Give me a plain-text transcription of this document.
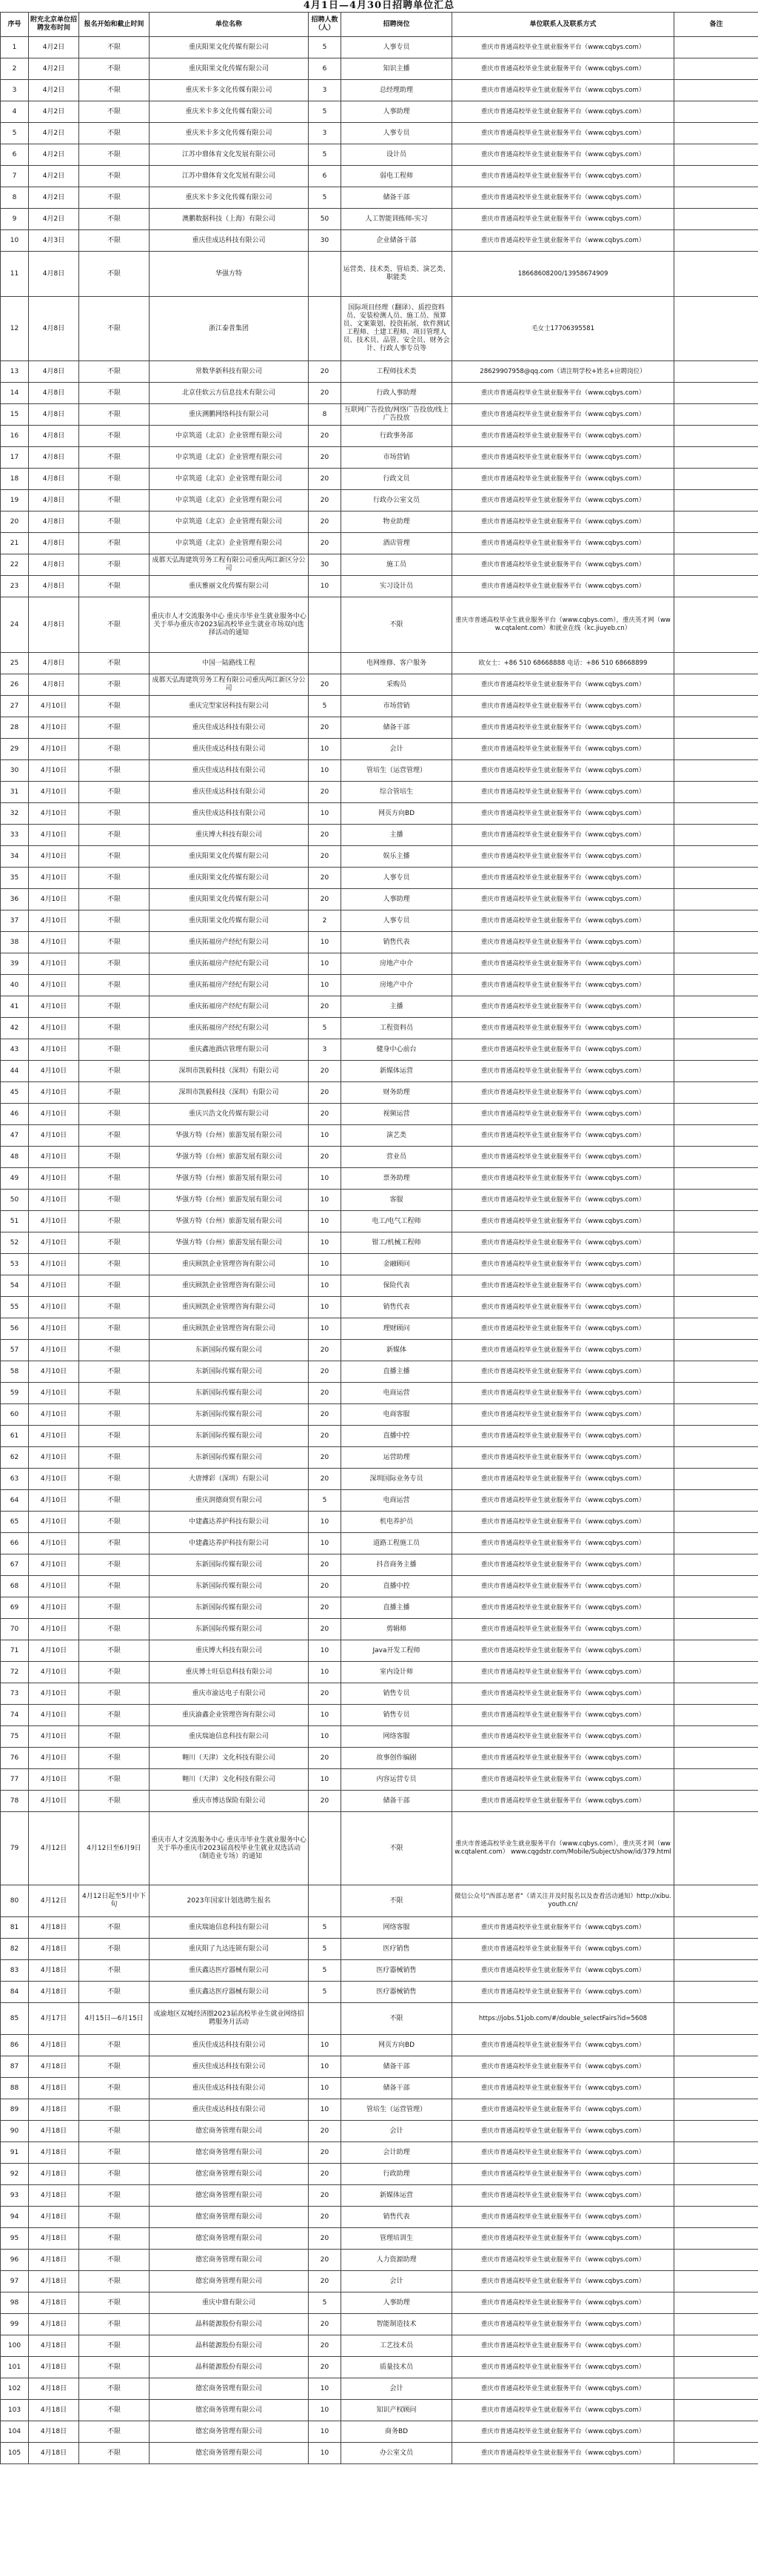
4月1日—4月30日招聘单位汇总
序号	附充北京单位招聘发布时间	报名开始和截止时间	单位名称	招聘人数（人）	招聘岗位	单位联系人及联系方式	备注
1	4月2日	不限	重庆阳果文化传媒有限公司	5	人事专员	重庆市普通高校毕业生就业服务平台（www.cqbys.com）	
2	4月2日	不限	重庆阳果文化传媒有限公司	6	知识主播	重庆市普通高校毕业生就业服务平台（www.cqbys.com）	
3	4月2日	不限	重庆米卡多文化传媒有限公司	3	总经理助理	重庆市普通高校毕业生就业服务平台（www.cqbys.com）	
4	4月2日	不限	重庆米卡多文化传媒有限公司	5	人事助理	重庆市普通高校毕业生就业服务平台（www.cqbys.com）	
5	4月2日	不限	重庆米卡多文化传媒有限公司	3	人事专员	重庆市普通高校毕业生就业服务平台（www.cqbys.com）	
6	4月2日	不限	江苏中鼎体育文化发展有限公司	5	设计员	重庆市普通高校毕业生就业服务平台（www.cqbys.com）	
7	4月2日	不限	江苏中鼎体育文化发展有限公司	6	弱电工程师	重庆市普通高校毕业生就业服务平台（www.cqbys.com）	
8	4月2日	不限	重庆米卡多文化传媒有限公司	5	储备干部	重庆市普通高校毕业生就业服务平台（www.cqbys.com）	
9	4月2日	不限	澳鹏数据科技（上海）有限公司	50	人工智能训练师-实习	重庆市普通高校毕业生就业服务平台（www.cqbys.com）	
10	4月3日	不限	重庆佳成达科技有限公司	30	企业储备干部	重庆市普通高校毕业生就业服务平台（www.cqbys.com）	
11	4月8日	不限	华强方特		运营类、技术类、管培类、演艺类、职能类	18668608200/13958674909	
12	4月8日	不限	浙江泰普集团		国际项目经理（翻译）、质控资料员、安装检测人员、施工员、预算员、文案策划、投资拓展、软件测试工程师、土建工程师、项目管理人员、技术员、品管、安全员、财务会计、行政人事专员等	毛女士17706395581	
13	4月8日	不限	常数华新科技有限公司	20	工程师技术类	28629907958@qq.com（请注明学校+姓名+应聘岗位）	
14	4月8日	不限	北京佳软云方信息技术有限公司	20	行政人事助理	重庆市普通高校毕业生就业服务平台（www.cqbys.com）	
15	4月8日	不限	重庆溯鹏网络科技有限公司	8	互联网广告投放/网络广告投放/线上广告投放	重庆市普通高校毕业生就业服务平台（www.cqbys.com）	
16	4月8日	不限	中京筑道（北京）企业管理有限公司	20	行政事务部	重庆市普通高校毕业生就业服务平台（www.cqbys.com）	
17	4月8日	不限	中京筑道（北京）企业管理有限公司	20	市场营销	重庆市普通高校毕业生就业服务平台（www.cqbys.com）	
18	4月8日	不限	中京筑道（北京）企业管理有限公司	20	行政文员	重庆市普通高校毕业生就业服务平台（www.cqbys.com）	
19	4月8日	不限	中京筑道（北京）企业管理有限公司	20	行政办公室文员	重庆市普通高校毕业生就业服务平台（www.cqbys.com）	
20	4月8日	不限	中京筑道（北京）企业管理有限公司	20	物业助理	重庆市普通高校毕业生就业服务平台（www.cqbys.com）	
21	4月8日	不限	中京筑道（北京）企业管理有限公司	20	酒店管理	重庆市普通高校毕业生就业服务平台（www.cqbys.com）	
22	4月8日	不限	成都天弘海建筑劳务工程有限公司重庆两江新区分公司	30	施工员	重庆市普通高校毕业生就业服务平台（www.cqbys.com）	
23	4月8日	不限	重庆雅丽文化传媒有限公司	10	实习设计员	重庆市普通高校毕业生就业服务平台（www.cqbys.com）	
24	4月8日	不限	重庆市人才交流服务中心 重庆市毕业生就业服务中心 关于举办重庆市2023届高校毕业生就业市场双向选择活动的通知		不限	重庆市普通高校毕业生就业服务平台（www.cqbys.com），重庆英才网（www.cqtalent.com）和就业在线（kc.jiuyeb.cn）	
25	4月8日	不限	中国一陆路线工程		电网维修、客户服务	欧女士：+86 510 68668888 电话：+86 510 68668899	
26	4月8日	不限	成都天弘海建筑劳务工程有限公司重庆两江新区分公司	20	采购员	重庆市普通高校毕业生就业服务平台（www.cqbys.com）	
27	4月10日	不限	重庆完型家居科技有限公司	5	市场营销	重庆市普通高校毕业生就业服务平台（www.cqbys.com）	
28	4月10日	不限	重庆佳成达科技有限公司	20	储备干部	重庆市普通高校毕业生就业服务平台（www.cqbys.com）	
29	4月10日	不限	重庆佳成达科技有限公司	10	会计	重庆市普通高校毕业生就业服务平台（www.cqbys.com）	
30	4月10日	不限	重庆佳成达科技有限公司	10	管培生（运营管理）	重庆市普通高校毕业生就业服务平台（www.cqbys.com）	
31	4月10日	不限	重庆佳成达科技有限公司	20	综合管培生	重庆市普通高校毕业生就业服务平台（www.cqbys.com）	
32	4月10日	不限	重庆佳成达科技有限公司	10	网页方向BD	重庆市普通高校毕业生就业服务平台（www.cqbys.com）	
33	4月10日	不限	重庆博大科技有限公司	20	主播	重庆市普通高校毕业生就业服务平台（www.cqbys.com）	
34	4月10日	不限	重庆阳果文化传媒有限公司	20	娱乐主播	重庆市普通高校毕业生就业服务平台（www.cqbys.com）	
35	4月10日	不限	重庆阳果文化传媒有限公司	20	人事专员	重庆市普通高校毕业生就业服务平台（www.cqbys.com）	
36	4月10日	不限	重庆阳果文化传媒有限公司	20	人事助理	重庆市普通高校毕业生就业服务平台（www.cqbys.com）	
37	4月10日	不限	重庆阳果文化传媒有限公司	2	人事专员	重庆市普通高校毕业生就业服务平台（www.cqbys.com）	
38	4月10日	不限	重庆拓福房产经纪有限公司	10	销售代表	重庆市普通高校毕业生就业服务平台（www.cqbys.com）	
39	4月10日	不限	重庆拓福房产经纪有限公司	10	房地产中介	重庆市普通高校毕业生就业服务平台（www.cqbys.com）	
40	4月10日	不限	重庆拓福房产经纪有限公司	10	房地产中介	重庆市普通高校毕业生就业服务平台（www.cqbys.com）	
41	4月10日	不限	重庆拓福房产经纪有限公司	20	主播	重庆市普通高校毕业生就业服务平台（www.cqbys.com）	
42	4月10日	不限	重庆拓福房产经纪有限公司	5	工程资料员	重庆市普通高校毕业生就业服务平台（www.cqbys.com）	
43	4月10日	不限	重庆鑫池酒店管理有限公司	3	健身中心前台	重庆市普通高校毕业生就业服务平台（www.cqbys.com）	
44	4月10日	不限	深圳市凯毅科技（深圳）有限公司	20	新媒体运营	重庆市普通高校毕业生就业服务平台（www.cqbys.com）	
45	4月10日	不限	深圳市凯毅科技（深圳）有限公司	20	财务助理	重庆市普通高校毕业生就业服务平台（www.cqbys.com）	
46	4月10日	不限	重庆兴浩文化传媒有限公司	20	视频运营	重庆市普通高校毕业生就业服务平台（www.cqbys.com）	
47	4月10日	不限	华强方特（台州）旅游发展有限公司	10	演艺类	重庆市普通高校毕业生就业服务平台（www.cqbys.com）	
48	4月10日	不限	华强方特（台州）旅游发展有限公司	20	营业员	重庆市普通高校毕业生就业服务平台（www.cqbys.com）	
49	4月10日	不限	华强方特（台州）旅游发展有限公司	10	票务助理	重庆市普通高校毕业生就业服务平台（www.cqbys.com）	
50	4月10日	不限	华强方特（台州）旅游发展有限公司	10	客服	重庆市普通高校毕业生就业服务平台（www.cqbys.com）	
51	4月10日	不限	华强方特（台州）旅游发展有限公司	10	电工/电气工程师	重庆市普通高校毕业生就业服务平台（www.cqbys.com）	
52	4月10日	不限	华强方特（台州）旅游发展有限公司	10	钳工/机械工程师	重庆市普通高校毕业生就业服务平台（www.cqbys.com）	
53	4月10日	不限	重庆顾凯企业管理咨询有限公司	10	金融顾问	重庆市普通高校毕业生就业服务平台（www.cqbys.com）	
54	4月10日	不限	重庆顾凯企业管理咨询有限公司	10	保险代表	重庆市普通高校毕业生就业服务平台（www.cqbys.com）	
55	4月10日	不限	重庆顾凯企业管理咨询有限公司	10	销售代表	重庆市普通高校毕业生就业服务平台（www.cqbys.com）	
56	4月10日	不限	重庆顾凯企业管理咨询有限公司	10	理财顾问	重庆市普通高校毕业生就业服务平台（www.cqbys.com）	
57	4月10日	不限	东新国际传媒有限公司	20	新媒体	重庆市普通高校毕业生就业服务平台（www.cqbys.com）	
58	4月10日	不限	东新国际传媒有限公司	20	直播主播	重庆市普通高校毕业生就业服务平台（www.cqbys.com）	
59	4月10日	不限	东新国际传媒有限公司	20	电商运营	重庆市普通高校毕业生就业服务平台（www.cqbys.com）	
60	4月10日	不限	东新国际传媒有限公司	20	电商客服	重庆市普通高校毕业生就业服务平台（www.cqbys.com）	
61	4月10日	不限	东新国际传媒有限公司	20	直播中控	重庆市普通高校毕业生就业服务平台（www.cqbys.com）	
62	4月10日	不限	东新国际传媒有限公司	20	运营助理	重庆市普通高校毕业生就业服务平台（www.cqbys.com）	
63	4月10日	不限	大唐博彩（深圳）有限公司	20	深圳国际业务专员	重庆市普通高校毕业生就业服务平台（www.cqbys.com）	
64	4月10日	不限	重庆润德商贸有限公司	5	电商运营	重庆市普通高校毕业生就业服务平台（www.cqbys.com）	
65	4月10日	不限	中建鑫达养护科技有限公司	10	机电养护员	重庆市普通高校毕业生就业服务平台（www.cqbys.com）	
66	4月10日	不限	中建鑫达养护科技有限公司	10	道路工程施工员	重庆市普通高校毕业生就业服务平台（www.cqbys.com）	
67	4月10日	不限	东新国际传媒有限公司	20	抖音商务主播	重庆市普通高校毕业生就业服务平台（www.cqbys.com）	
68	4月10日	不限	东新国际传媒有限公司	20	直播中控	重庆市普通高校毕业生就业服务平台（www.cqbys.com）	
69	4月10日	不限	东新国际传媒有限公司	20	直播主播	重庆市普通高校毕业生就业服务平台（www.cqbys.com）	
70	4月10日	不限	东新国际传媒有限公司	20	剪辑师	重庆市普通高校毕业生就业服务平台（www.cqbys.com）	
71	4月10日	不限	重庆博大科技有限公司	10	Java开发工程师	重庆市普通高校毕业生就业服务平台（www.cqbys.com）	
72	4月10日	不限	重庆博士旺信息科技有限公司	10	室内设计师	重庆市普通高校毕业生就业服务平台（www.cqbys.com）	
73	4月10日	不限	重庆市渝达电子有限公司	20	销售专员	重庆市普通高校毕业生就业服务平台（www.cqbys.com）	
74	4月10日	不限	重庆渝鑫企业管理咨询有限公司	10	销售专员	重庆市普通高校毕业生就业服务平台（www.cqbys.com）	
75	4月10日	不限	重庆瑞迪信息科技有限公司	10	网络客服	重庆市普通高校毕业生就业服务平台（www.cqbys.com）	
76	4月10日	不限	翱川（天津）文化科技有限公司	20	故事创作编剧	重庆市普通高校毕业生就业服务平台（www.cqbys.com）	
77	4月10日	不限	翱川（天津）文化科技有限公司	10	内容运营专员	重庆市普通高校毕业生就业服务平台（www.cqbys.com）	
78	4月10日	不限	重庆市博达保险有限公司	20	储备干部	重庆市普通高校毕业生就业服务平台（www.cqbys.com）	
79	4月12日	4月12日至6月9日	重庆市人才交流服务中心 重庆市毕业生就业服务中心 关于举办重庆市2023届高校毕业生就业双选活动（制造业专场）的通知		不限	重庆市普通高校毕业生就业服务平台（www.cqbys.com），重庆英才网（www.cqtalent.com） www.cqgdstr.com/Mobile/Subject/show/id/379.html	
80	4月12日	4月12日起至5月中下旬	2023年国家计划选聘生报名		不限	微信公众号"西部志愿者"（请关注并及时报名以及查看活动通知）http://xibu.youth.cn/	
81	4月18日	不限	重庆瑞迪信息科技有限公司	5	网络客服	重庆市普通高校毕业生就业服务平台（www.cqbys.com）	
82	4月18日	不限	重庆阳了九达连锁有限公司	5	医疗销售	重庆市普通高校毕业生就业服务平台（www.cqbys.com）	
83	4月18日	不限	重庆鑫达医疗器械有限公司	5	医疗器械销售	重庆市普通高校毕业生就业服务平台（www.cqbys.com）	
84	4月18日	不限	重庆鑫达医疗器械有限公司	5	医疗器械销售	重庆市普通高校毕业生就业服务平台（www.cqbys.com）	
85	4月17日	4月15日—6月15日	成渝地区双城经济圈2023届高校毕业生就业网络招聘服务月活动		不限	https://jobs.51job.com/#/double_selectFairs?id=5608	
86	4月18日	不限	重庆佳成达科技有限公司	10	网页方向BD	重庆市普通高校毕业生就业服务平台（www.cqbys.com）	
87	4月18日	不限	重庆佳成达科技有限公司	10	储备干部	重庆市普通高校毕业生就业服务平台（www.cqbys.com）	
88	4月18日	不限	重庆佳成达科技有限公司	10	储备干部	重庆市普通高校毕业生就业服务平台（www.cqbys.com）	
89	4月18日	不限	重庆佳成达科技有限公司	10	管培生（运营管理）	重庆市普通高校毕业生就业服务平台（www.cqbys.com）	
90	4月18日	不限	德宏商务管理有限公司	20	会计	重庆市普通高校毕业生就业服务平台（www.cqbys.com）	
91	4月18日	不限	德宏商务管理有限公司	20	会计助理	重庆市普通高校毕业生就业服务平台（www.cqbys.com）	
92	4月18日	不限	德宏商务管理有限公司	20	行政助理	重庆市普通高校毕业生就业服务平台（www.cqbys.com）	
93	4月18日	不限	德宏商务管理有限公司	20	新媒体运营	重庆市普通高校毕业生就业服务平台（www.cqbys.com）	
94	4月18日	不限	德宏商务管理有限公司	20	销售代表	重庆市普通高校毕业生就业服务平台（www.cqbys.com）	
95	4月18日	不限	德宏商务管理有限公司	20	管理培训生	重庆市普通高校毕业生就业服务平台（www.cqbys.com）	
96	4月18日	不限	德宏商务管理有限公司	20	人力资源助理	重庆市普通高校毕业生就业服务平台（www.cqbys.com）	
97	4月18日	不限	德宏商务管理有限公司	20	会计	重庆市普通高校毕业生就业服务平台（www.cqbys.com）	
98	4月18日	不限	重庆中鼎有限公司	5	人事助理	重庆市普通高校毕业生就业服务平台（www.cqbys.com）	
99	4月18日	不限	晶科能源股份有限公司	20	智能制造技术	重庆市普通高校毕业生就业服务平台（www.cqbys.com）	
100	4月18日	不限	晶科能源股份有限公司	20	工艺技术员	重庆市普通高校毕业生就业服务平台（www.cqbys.com）	
101	4月18日	不限	晶科能源股份有限公司	20	质量技术员	重庆市普通高校毕业生就业服务平台（www.cqbys.com）	
102	4月18日	不限	德宏商务管理有限公司	10	会计	重庆市普通高校毕业生就业服务平台（www.cqbys.com）	
103	4月18日	不限	德宏商务管理有限公司	10	知识产权顾问	重庆市普通高校毕业生就业服务平台（www.cqbys.com）	
104	4月18日	不限	德宏商务管理有限公司	10	商务BD	重庆市普通高校毕业生就业服务平台（www.cqbys.com）	
105	4月18日	不限	德宏商务管理有限公司	10	办公室文员	重庆市普通高校毕业生就业服务平台（www.cqbys.com）	
